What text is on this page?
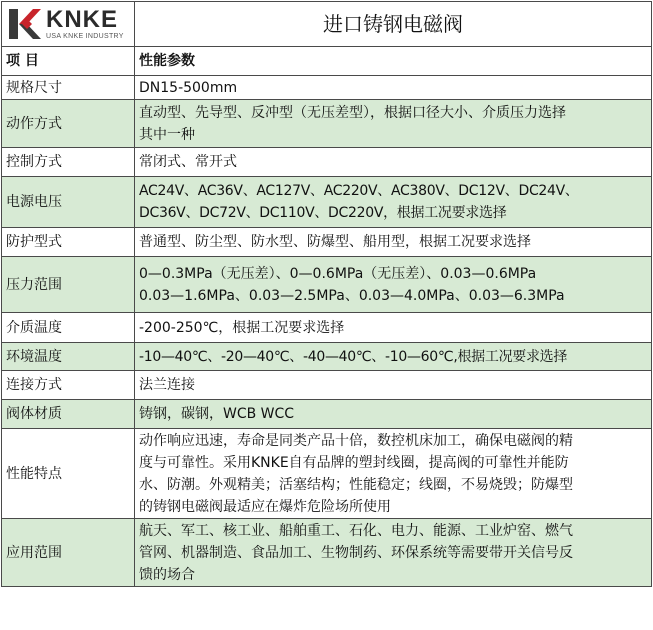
KNKE
USA KNKE INDUSTRY	进口铸钢电磁阀
项 目	性能参数
规格尺寸	DN15-500mm

动作方式	直动型、先导型、反冲型（无压差型），根据口径大小、介质压力选择
其中一种

控制方式	常闭式、常开式

电源电压	AC24V、AC36V、AC127V、AC220V、AC380V、DC12V、DC24V、
DC36V、DC72V、DC110V、DC220V，根据工况要求选择

防护型式	普通型、防尘型、防水型、防爆型、船用型，根据工况要求选择

压力范围	0—0.3MPa（无压差）、0—0.6MPa（无压差）、0.03—0.6MPa
0.03—1.6MPa、0.03—2.5MPa、0.03—4.0MPa、0.03—6.3MPa

介质温度	-200-250℃，根据工况要求选择

环境温度	-10—40℃、-20—40℃、-40—40℃、-10—60℃,根据工况要求选择

连接方式	法兰连接

阀体材质	铸钢，碳钢，WCB WCC

性能特点	动作响应迅速，寿命是同类产品十倍，数控机床加工，确保电磁阀的精
度与可靠性。采用KNKE自有品牌的塑封线圈，提高阀的可靠性并能防
水、防潮。外观精美；活塞结构；性能稳定；线圈，不易烧毁；防爆型
的铸钢电磁阀最适应在爆炸危险场所使用

应用范围	航天、军工、核工业、船舶重工、石化、电力、能源、工业炉窑、燃气
管网、机器制造、食品加工、生物制药、环保系统等需要带开关信号反
馈的场合
